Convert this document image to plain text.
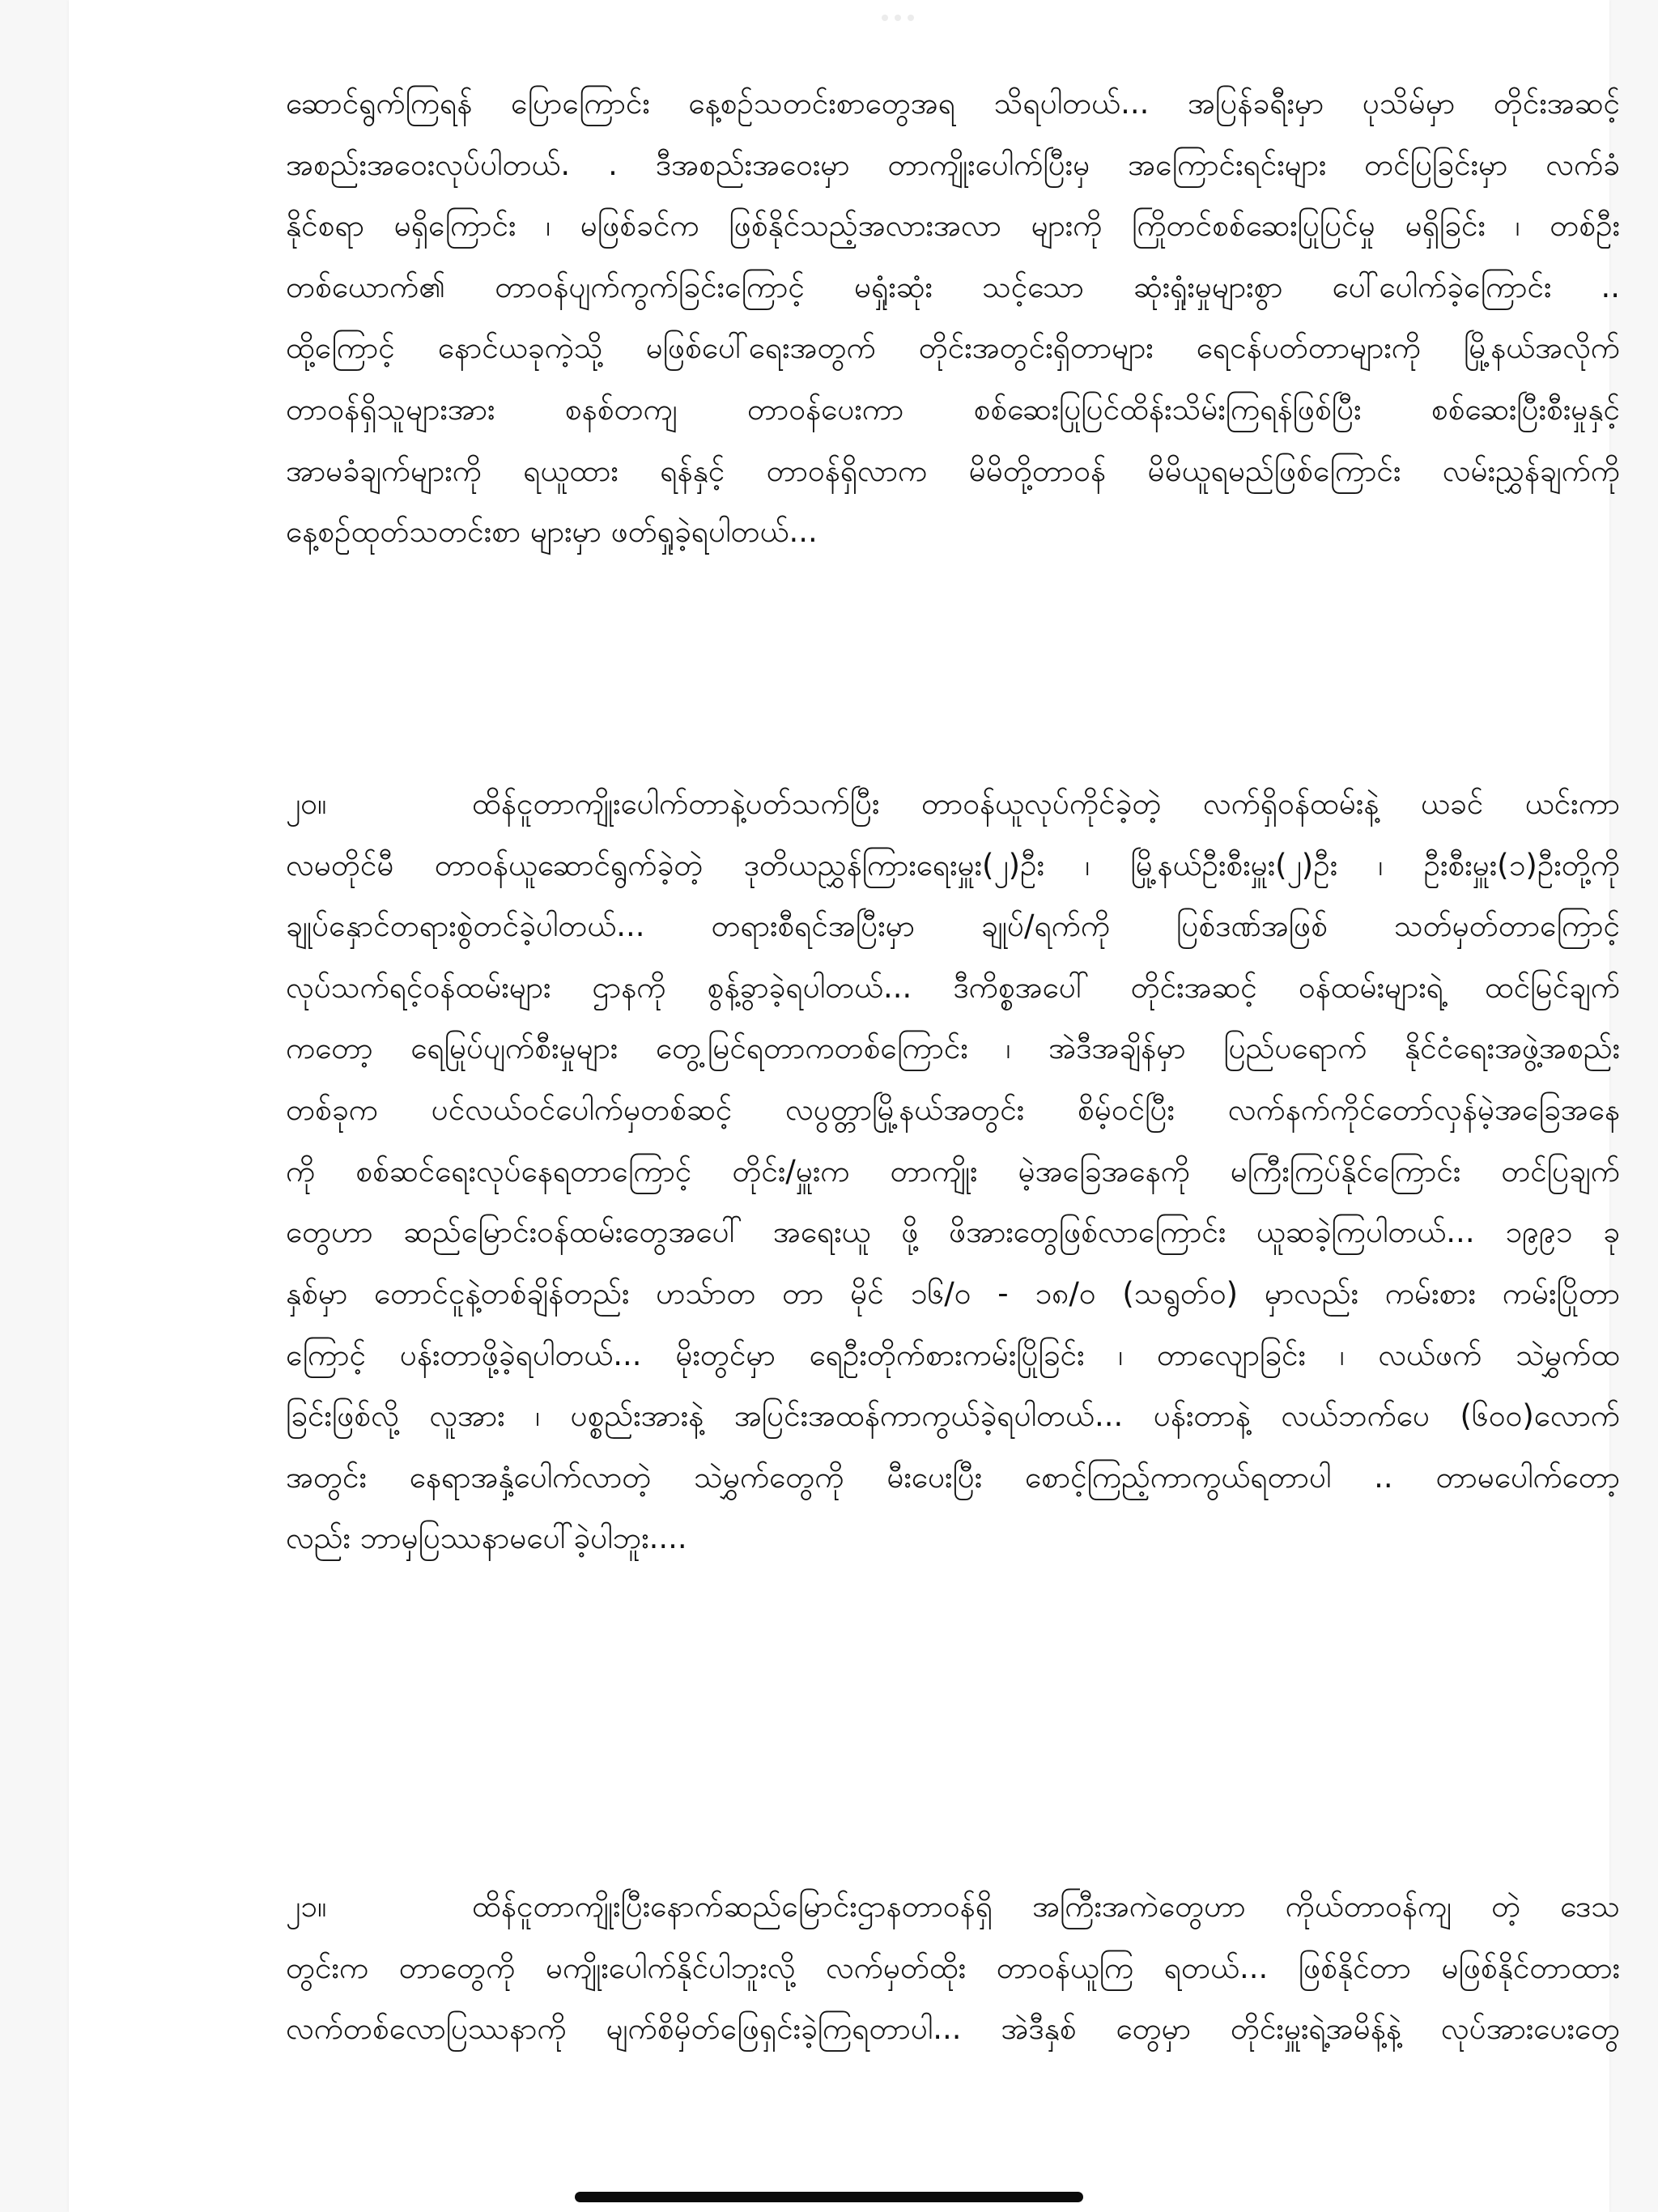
ဆောင်ရွက်ကြရန် ပြောကြောင်း နေ့စဉ်သတင်းစာတွေအရ သိရပါတယ်... အပြန်ခရီးမှာ ပုသိမ်မှာ တိုင်းအဆင့်
အစည်းအဝေးလုပ်ပါတယ်. . ဒီအစည်းအဝေးမှာ တာကျိုးပေါက်ပြီးမှ အကြောင်းရင်းများ တင်ပြခြင်းမှာ လက်ခံ
နိုင်စရာ မရှိကြောင်း ၊ မဖြစ်ခင်က ဖြစ်နိုင်သည့်အလားအလာ များကို ကြိုတင်စစ်ဆေးပြုပြင်မှု မရှိခြင်း ၊ တစ်ဦး
တစ်ယောက်၏ တာဝန်ပျက်ကွက်ခြင်းကြောင့် မရှုံးဆုံး သင့်သော ဆုံးရှုံးမှုများစွာ ပေါ်ပေါက်ခဲ့ကြောင်း ..
ထို့ကြောင့် နောင်ယခုကဲ့သို့ မဖြစ်ပေါ်ရေးအတွက် တိုင်းအတွင်းရှိတာများ ရေငန်ပတ်တာများကို မြို့နယ်အလိုက်
တာဝန်ရှိသူများအား စနစ်တကျ တာဝန်ပေးကာ စစ်ဆေးပြုပြင်ထိန်းသိမ်းကြရန်ဖြစ်ပြီး စစ်ဆေးပြီးစီးမှုနှင့်
အာမခံချက်များကို ရယူထား ရန်နှင့် တာဝန်ရှိလာက မိမိတို့တာဝန် မိမိယူရမည်ဖြစ်ကြောင်း လမ်းညွှန်ချက်ကို
နေ့စဉ်ထုတ်သတင်းစာ များမှာ ဖတ်ရှုခဲ့ရပါတယ်...
၂၀။	ထိန်ငူတာကျိုးပေါက်တာနဲ့ပတ်သက်ပြီး တာဝန်ယူလုပ်ကိုင်ခဲ့တဲ့ လက်ရှိဝန်ထမ်းနဲ့ ယခင် ယင်းကာ
လမတိုင်မီ တာဝန်ယူဆောင်ရွက်ခဲ့တဲ့ ဒုတိယညွှန်ကြားရေးမှူး(၂)ဦး ၊ မြို့နယ်ဦးစီးမှူး(၂)ဦး ၊ ဦးစီးမှူး(၁)ဦးတို့ကို
ချုပ်နှောင်တရားစွဲတင်ခဲ့ပါတယ်... တရားစီရင်အပြီးမှာ ချုပ်/ရက်ကို ပြစ်ဒဏ်အဖြစ် သတ်မှတ်တာကြောင့်
လုပ်သက်ရင့်ဝန်ထမ်းများ ဌာနကို စွန့်ခွာခဲ့ရပါတယ်... ဒီကိစ္စအပေါ် တိုင်းအဆင့် ဝန်ထမ်းများရဲ့ ထင်မြင်ချက်
ကတော့ ရေမြုပ်ပျက်စီးမှုများ တွေ့မြင်ရတာကတစ်ကြောင်း ၊ အဲဒီအချိန်မှာ ပြည်ပရောက် နိုင်ငံရေးအဖွဲ့အစည်း
တစ်ခုက ပင်လယ်ဝင်ပေါက်မှတစ်ဆင့် လပွတ္တာမြို့နယ်အတွင်း စိမ့်ဝင်ပြီး လက်နက်ကိုင်တော်လှန်မဲ့အခြေအနေ
ကို စစ်ဆင်ရေးလုပ်နေရတာကြောင့် တိုင်း/မှူးက တာကျိုး မဲ့အခြေအနေကို မကြီးကြပ်နိုင်ကြောင်း တင်ပြချက်
တွေဟာ ဆည်မြောင်းဝန်ထမ်းတွေအပေါ် အရေးယူ ဖို့ ဖိအားတွေဖြစ်လာကြောင်း ယူဆခဲ့ကြပါတယ်... ၁၉၉၁ ခု
နှစ်မှာ တောင်ငူနဲ့တစ်ချိန်တည်း ဟသ်ာတ တာ မိုင် ၁၆/၀ - ၁၈/၀ (သရွတ်ဝ) မှာလည်း ကမ်းစား ကမ်းပြိုတာ
ကြောင့် ပန်းတာဖို့ခဲ့ရပါတယ်... မိုးတွင်မှာ ရေဦးတိုက်စားကမ်းပြိုခြင်း ၊ တာလျောခြင်း ၊ လယ်ဖက် သဲမွှက်ထ
ခြင်းဖြစ်လို့ လူအား ၊ ပစ္စည်းအားနဲ့ အပြင်းအထန်ကာကွယ်ခဲ့ရပါတယ်... ပန်းတာနဲ့ လယ်ဘက်ပေ (၆၀၀)လောက်
အတွင်း နေရာအနှံ့ပေါက်လာတဲ့ သဲမွှက်တွေကို မီးပေးပြီး စောင့်ကြည့်ကာကွယ်ရတာပါ .. တာမပေါက်တော့
လည်း ဘာမှပြဿနာမပေါ်ခဲ့ပါဘူး....
၂၁။	ထိန်ငူတာကျိုးပြီးနောက်ဆည်မြောင်းဌာနတာဝန်ရှိ အကြီးအကဲတွေဟာ ကိုယ်တာဝန်ကျ တဲ့ ဒေသ
တွင်းက တာတွေကို မကျိုးပေါက်နိုင်ပါဘူးလို့ လက်မှတ်ထိုး တာဝန်ယူကြ ရတယ်... ဖြစ်နိုင်တာ မဖြစ်နိုင်တာထား
လက်တစ်လောပြဿနာကို မျက်စိမှိတ်ဖြေရှင်းခဲ့ကြရတာပါ... အဲဒီနှစ် တွေမှာ တိုင်းမှူးရဲ့အမိန့်နဲ့ လုပ်အားပေးတွေ
